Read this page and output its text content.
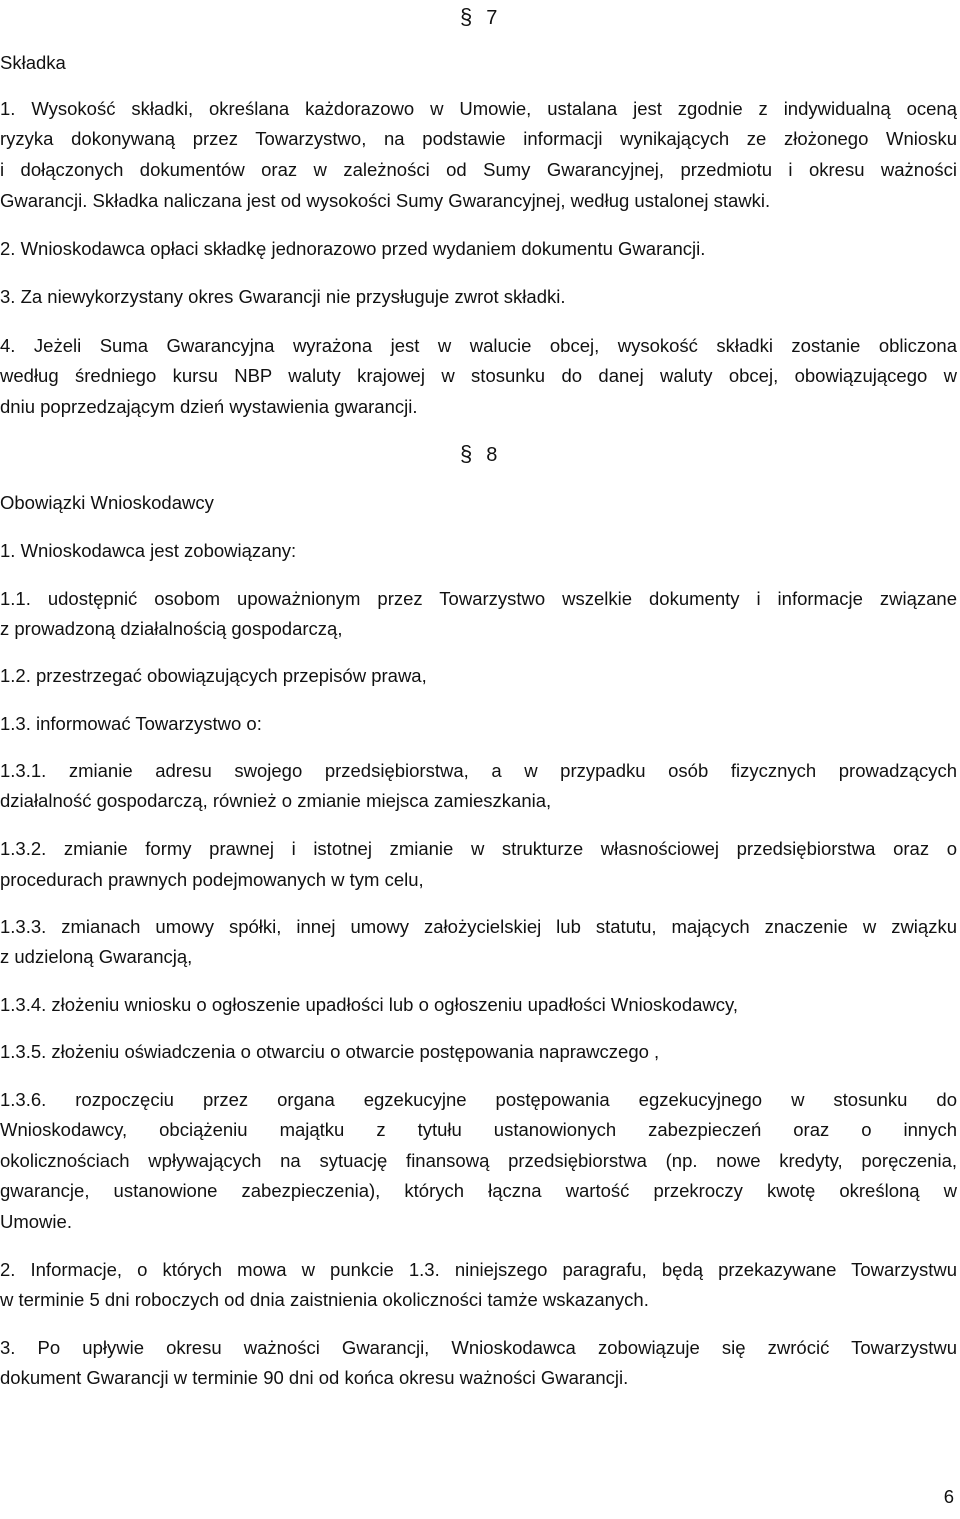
§ 7
Składka
1. Wysokość składki, określana każdorazowo w Umowie, ustalana jest zgodnie z indywidualną oceną
ryzyka dokonywaną przez Towarzystwo, na podstawie informacji wynikających ze złożonego Wniosku
i dołączonych dokumentów oraz w zależności od Sumy Gwarancyjnej, przedmiotu i okresu ważności
Gwarancji. Składka naliczana jest od wysokości Sumy Gwarancyjnej, według ustalonej stawki.
2. Wnioskodawca opłaci składkę jednorazowo przed wydaniem dokumentu Gwarancji.
3. Za niewykorzystany okres Gwarancji nie przysługuje zwrot składki.
4. Jeżeli Suma Gwarancyjna wyrażona jest w walucie obcej, wysokość składki zostanie obliczona
według średniego kursu NBP waluty krajowej w stosunku do danej waluty obcej, obowiązującego w
dniu poprzedzającym dzień wystawienia gwarancji.
§ 8
Obowiązki Wnioskodawcy
1. Wnioskodawca jest zobowiązany:
1.1. udostępnić osobom upoważnionym przez Towarzystwo wszelkie dokumenty i informacje związane
z prowadzoną działalnością gospodarczą,
1.2. przestrzegać obowiązujących przepisów prawa,
1.3. informować Towarzystwo o:
1.3.1. zmianie adresu swojego przedsiębiorstwa, a w przypadku osób fizycznych prowadzących
działalność gospodarczą, również o zmianie miejsca zamieszkania,
1.3.2. zmianie formy prawnej i istotnej zmianie w strukturze własnościowej przedsiębiorstwa oraz o
procedurach prawnych podejmowanych w tym celu,
1.3.3. zmianach umowy spółki, innej umowy założycielskiej lub statutu, mających znaczenie w związku
z udzieloną Gwarancją,
1.3.4. złożeniu wniosku o ogłoszenie upadłości lub o ogłoszeniu upadłości Wnioskodawcy,
1.3.5. złożeniu oświadczenia o otwarciu o otwarcie postępowania naprawczego ,
1.3.6. rozpoczęciu przez organa egzekucyjne postępowania egzekucyjnego w stosunku do
Wnioskodawcy, obciążeniu majątku z tytułu ustanowionych zabezpieczeń oraz o innych
okolicznościach wpływających na sytuację finansową przedsiębiorstwa (np. nowe kredyty, poręczenia,
gwarancje, ustanowione zabezpieczenia), których łączna wartość przekroczy kwotę określoną w
Umowie.
2. Informacje, o których mowa w punkcie 1.3. niniejszego paragrafu, będą przekazywane Towarzystwu
w terminie 5 dni roboczych od dnia zaistnienia okoliczności tamże wskazanych.
3. Po upływie okresu ważności Gwarancji, Wnioskodawca zobowiązuje się zwrócić Towarzystwu
dokument Gwarancji w terminie 90 dni od końca okresu ważności Gwarancji.
6
